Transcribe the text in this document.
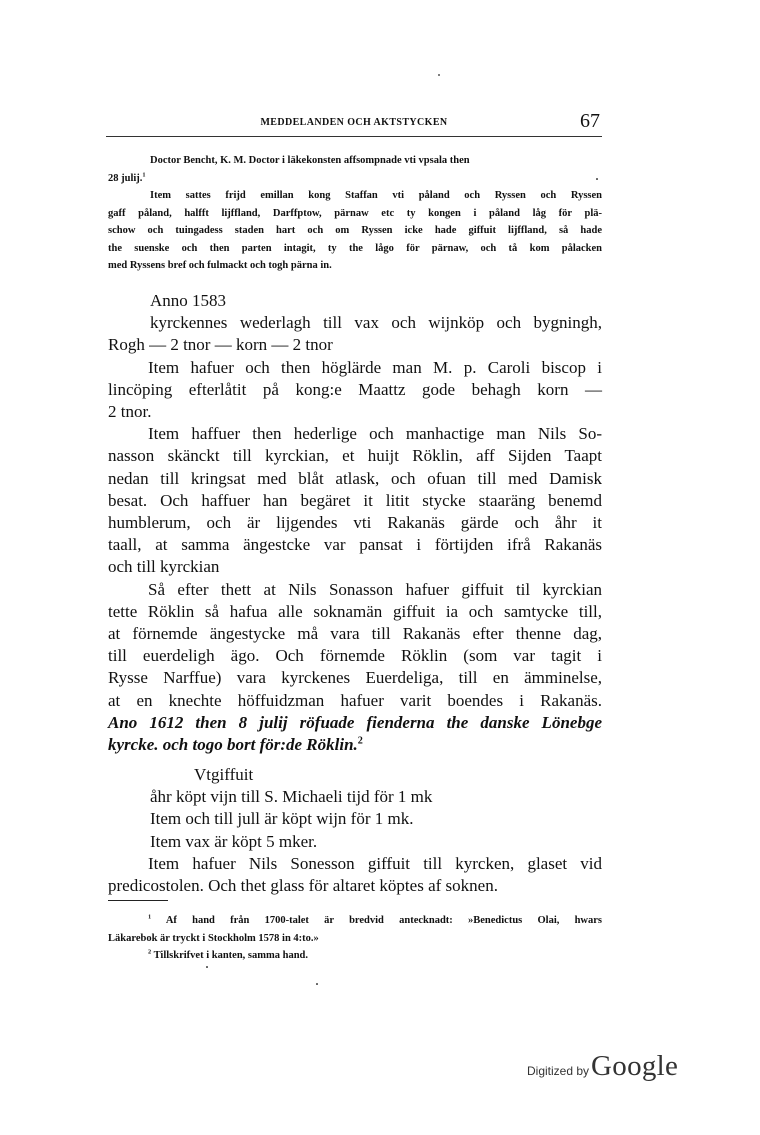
MEDDELANDEN OCH AKTSTYCKEN	67

Doctor Bencht, K. M. Doctor i läkekonsten affsompnade vti vpsala then

28 julij.$^1$

Item sattes frijd emillan kong Staffan vti påland och Ryssen och Ryssen

gaff påland, halfft lijffland, Darffptow, pärnaw etc ty kongen i påland låg för plä-

schow och tuingadess staden hart och om Ryssen icke hade giffuit lijffland, så hade

the suenske och then parten intagit, ty the lågo för pärnaw, och tå kom pålacken

med Ryssens bref och fulmackt och togh pärna in.

Anno 1583

kyrckennes wederlagh till vax och wijnköp och bygningh,

Rogh — 2 tnor — korn — 2 tnor

Item hafuer och then höglärde man M. p. Caroli biscop i

lincöping efterlåtit på kong:e Maattz gode behagh korn —

2 tnor.

Item haffuer then hederlige och manhactige man Nils So-

nasson skänckt till kyrckian, et huijt Röklin, aff Sijden Taapt

nedan till kringsat med blåt atlask, och ofuan till med Damisk

besat. Och haffuer han begäret it litit stycke staaräng benemd

humblerum, och är lijgendes vti Rakanäs gärde och åhr it

taall, at samma ängestcke var pansat i förtijden ifrå Rakanäs

och till kyrckian

Så efter thett at Nils Sonasson hafuer giffuit til kyrckian

tette Röklin så hafua alle soknamän giffuit ia och samtycke till,

at förnemde ängestycke må vara till Rakanäs efter thenne dag,

till euerdeligh ägo. Och förnemde Röklin (som var tagit i

Rysse Narffue) vara kyrckenes Euerdeliga, till en ämminelse,

at en knechte höffuidzman hafuer varit boendes i Rakanäs.

Ano 1612 then 8 julij röfuade fienderna the danske Lönebge

kyrcke. och togo bort för:de Röklin.$^2$

Vtgiffuit

åhr köpt vijn till S. Michaeli tijd för 1 mk

Item och till jull är köpt wijn för 1 mk.

Item vax är köpt 5 mker.

Item hafuer Nils Sonesson giffuit till kyrcken, glaset vid

predicostolen. Och thet glass för altaret köptes af soknen.

$^1$ Af hand från 1700-talet är bredvid antecknadt: »Benedictus Olai, hwars

Läkarebok är tryckt i Stockholm 1578 in 4:to.»

$^2$ Tillskrifvet i kanten, samma hand.

Digitized by Google
